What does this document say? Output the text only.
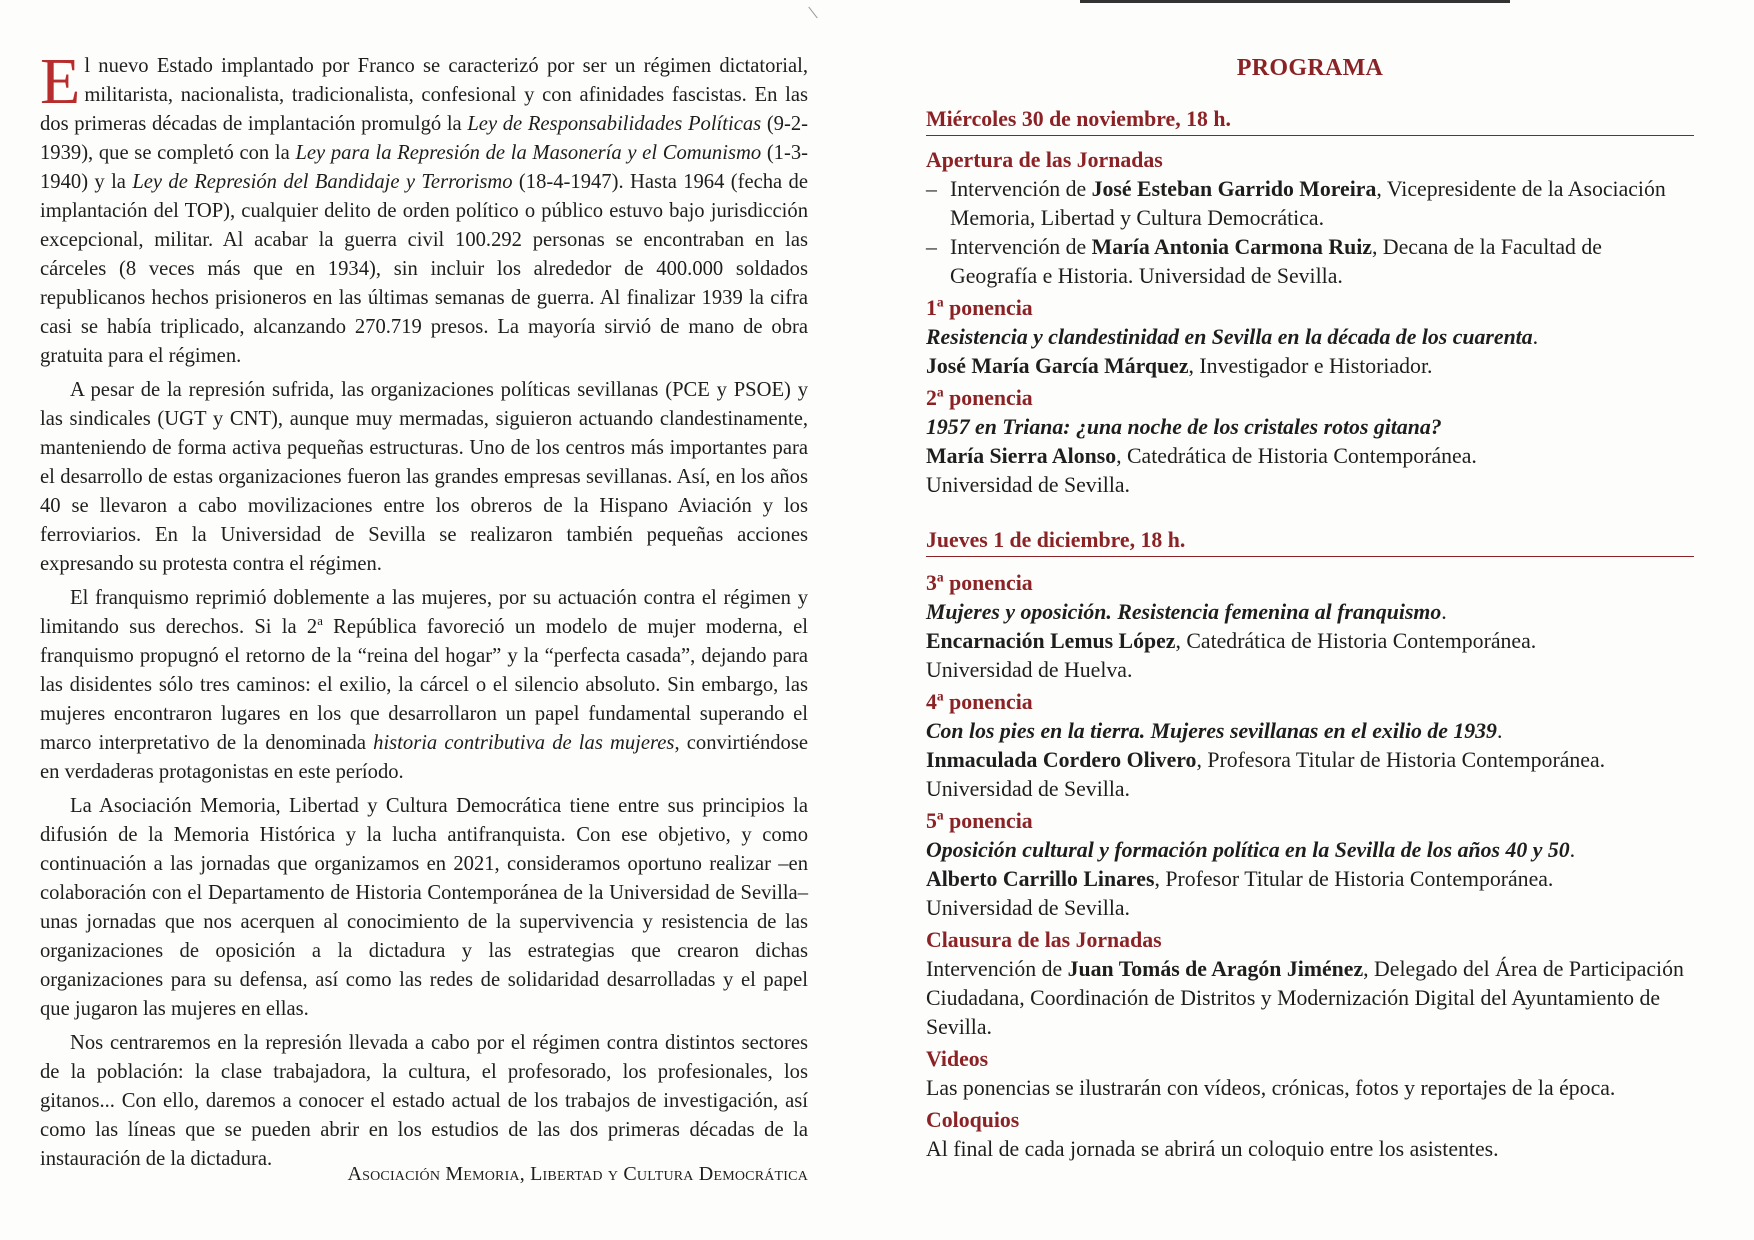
El nuevo Estado implantado por Franco se caracterizó por ser un régimen dictatorial, militarista, nacionalista, tradicionalista, confesional y con afinidades fascistas. En las dos primeras décadas de implantación promulgó la Ley de Responsabilidades Políticas (9-2-1939), que se completó con la Ley para la Represión de la Masonería y el Comunismo (1-3-1940) y la Ley de Represión del Bandidaje y Terrorismo (18-4-1947). Hasta 1964 (fecha de implantación del TOP), cualquier delito de orden político o público estuvo bajo jurisdicción excepcional, militar. Al acabar la guerra civil 100.292 personas se encontraban en las cárceles (8 veces más que en 1934), sin incluir los alrededor de 400.000 soldados republicanos hechos prisioneros en las últimas semanas de guerra. Al finalizar 1939 la cifra casi se había triplicado, alcanzando 270.719 presos. La mayoría sirvió de mano de obra gratuita para el régimen.

A pesar de la represión sufrida, las organizaciones políticas sevillanas (PCE y PSOE) y las sindicales (UGT y CNT), aunque muy mermadas, siguieron actuando clandestinamente, manteniendo de forma activa pequeñas estructuras. Uno de los centros más importantes para el desarrollo de estas organizaciones fueron las grandes empresas sevillanas. Así, en los años 40 se llevaron a cabo movilizaciones entre los obreros de la Hispano Aviación y los ferroviarios. En la Universidad de Sevilla se realizaron también pequeñas acciones expresando su protesta contra el régimen.

El franquismo reprimió doblemente a las mujeres, por su actuación contra el régimen y limitando sus derechos. Si la 2$^a$ República favoreció un modelo de mujer moderna, el franquismo propugnó el retorno de la “reina del hogar” y la “perfecta casada”, dejando para las disidentes sólo tres caminos: el exilio, la cárcel o el silencio absoluto. Sin embargo, las mujeres encontraron lugares en los que desarrollaron un papel fundamental superando el marco interpretativo de la denominada historia contributiva de las mujeres, convirtiéndose en verdaderas protagonistas en este período.

La Asociación Memoria, Libertad y Cultura Democrática tiene entre sus principios la difusión de la Memoria Histórica y la lucha antifranquista. Con ese objetivo, y como continuación a las jornadas que organizamos en 2021, consideramos oportuno realizar –en colaboración con el Departamento de Historia Contemporánea de la Universidad de Sevilla– unas jornadas que nos acerquen al conocimiento de la supervivencia y resistencia de las organizaciones de oposición a la dictadura y las estrategias que crearon dichas organizaciones para su defensa, así como las redes de solidaridad desarrolladas y el papel que jugaron las mujeres en ellas.

Nos centraremos en la represión llevada a cabo por el régimen contra distintos sectores de la población: la clase trabajadora, la cultura, el profesorado, los profesionales, los gitanos... Con ello, daremos a conocer el estado actual de los trabajos de investigación, así como las líneas que se pueden abrir en los estudios de las dos primeras décadas de la instauración de la dictadura.

Asociación Memoria, Libertad y Cultura Democrática
PROGRAMA
Miércoles 30 de noviembre, 18 h.
Apertura de las Jornadas
– Intervención de José Esteban Garrido Moreira, Vicepresidente de la Asociación Memoria, Libertad y Cultura Democrática.
– Intervención de María Antonia Carmona Ruiz, Decana de la Facultad de Geografía e Historia. Universidad de Sevilla.
1$^a$ ponencia
Resistencia y clandestinidad en Sevilla en la década de los cuarenta.
José María García Márquez, Investigador e Historiador.
2$^a$ ponencia
1957 en Triana: ¿una noche de los cristales rotos gitana?
María Sierra Alonso, Catedrática de Historia Contemporánea.
Universidad de Sevilla.
Jueves 1 de diciembre, 18 h.
3$^a$ ponencia
Mujeres y oposición. Resistencia femenina al franquismo.
Encarnación Lemus López, Catedrática de Historia Contemporánea.
Universidad de Huelva.
4$^a$ ponencia
Con los pies en la tierra. Mujeres sevillanas en el exilio de 1939.
Inmaculada Cordero Olivero, Profesora Titular de Historia Contemporánea.
Universidad de Sevilla.
5$^a$ ponencia
Oposición cultural y formación política en la Sevilla de los años 40 y 50.
Alberto Carrillo Linares, Profesor Titular de Historia Contemporánea.
Universidad de Sevilla.
Clausura de las Jornadas
Intervención de Juan Tomás de Aragón Jiménez, Delegado del Área de Participación Ciudadana, Coordinación de Distritos y Modernización Digital del Ayuntamiento de Sevilla.
Videos
Las ponencias se ilustrarán con vídeos, crónicas, fotos y reportajes de la época.
Coloquios
Al final de cada jornada se abrirá un coloquio entre los asistentes.
